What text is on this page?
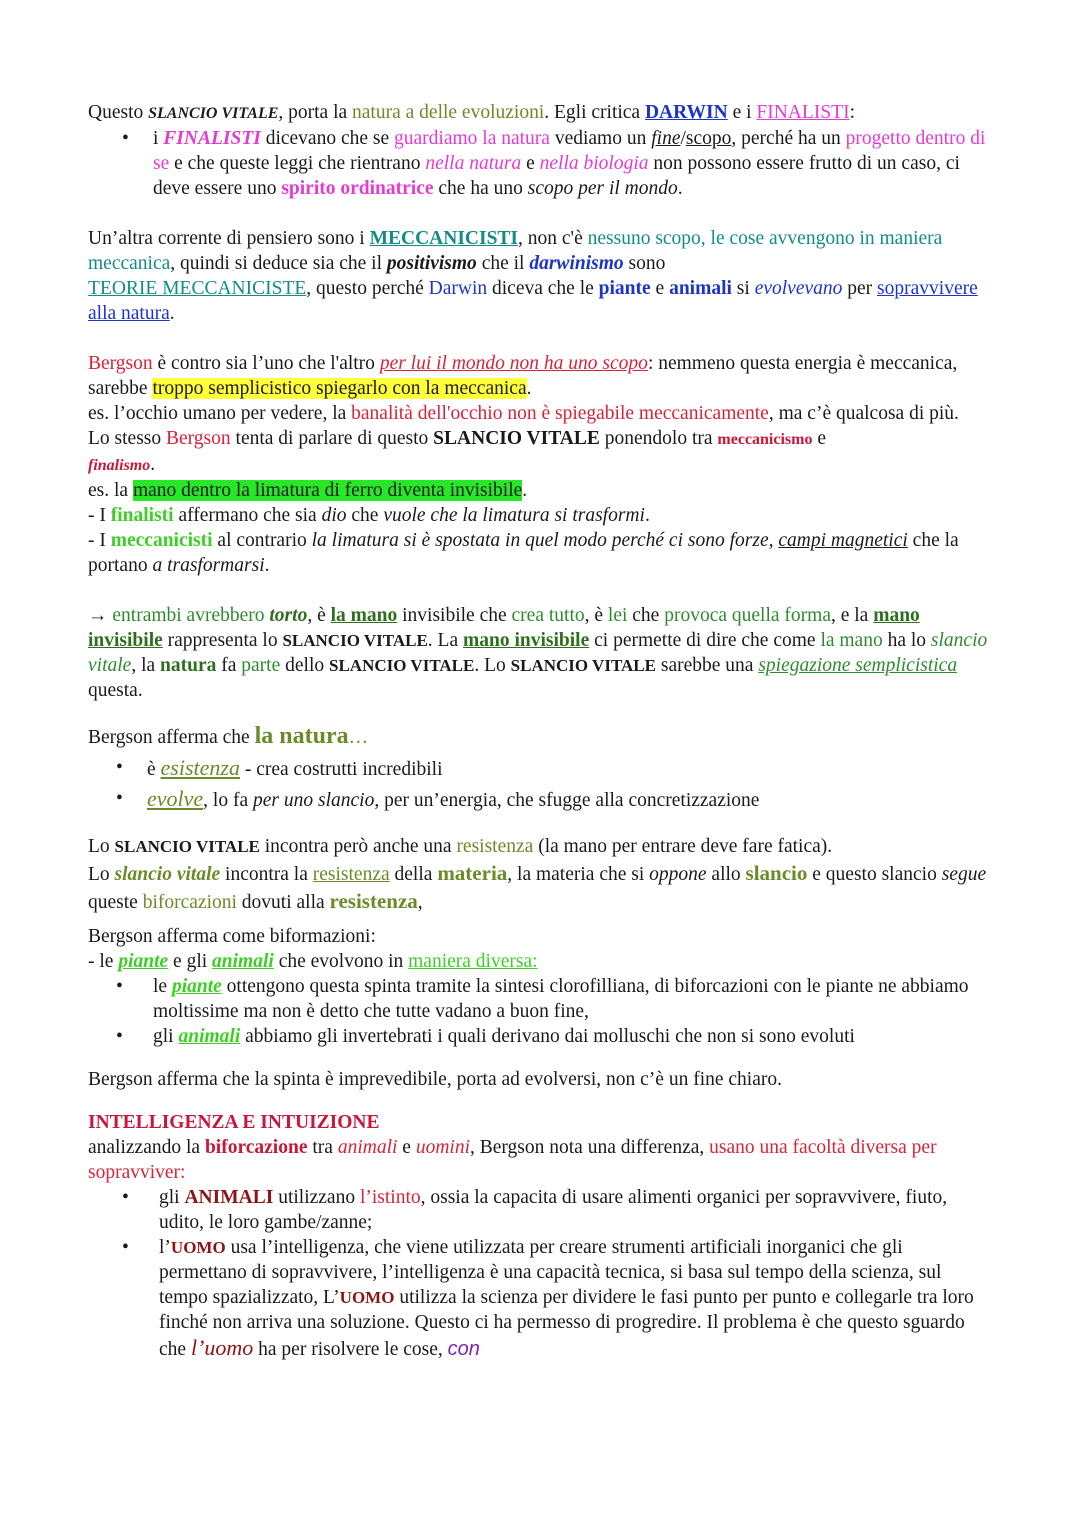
Questo SLANCIO VITALE, porta la natura a delle evoluzioni. Egli critica DARWIN e i FINALISTI:

• i FINALISTI dicevano che se guardiamo la natura vediamo un fine/scopo, perché ha un progetto dentro di se e che queste leggi che rientrano nella natura e nella biologia non possono essere frutto di un caso, ci deve essere uno spirito ordinatrice che ha uno scopo per il mondo.

Un’altra corrente di pensiero sono i MECCANICISTI, non c'è nessuno scopo, le cose avvengono in maniera meccanica, quindi si deduce sia che il positivismo che il darwinismo sono
TEORIE MECCANICISTE, questo perché Darwin diceva che le piante e animali si evolvevano per sopravvivere alla natura.

Bergson è contro sia l’uno che l'altro per lui il mondo non ha uno scopo: nemmeno questa energia è meccanica, sarebbe troppo semplicistico spiegarlo con la meccanica.

es. l’occhio umano per vedere, la banalità dell'occhio non è spiegabile meccanicamente, ma c’è qualcosa di più.

Lo stesso Bergson tenta di parlare di questo SLANCIO VITALE ponendolo tra meccanicismo e
finalismo.

es. la mano dentro la limatura di ferro diventa invisibile.

- I finalisti affermano che sia dio che vuole che la limatura si trasformi.

- I meccanicisti al contrario la limatura si è spostata in quel modo perché ci sono forze, campi magnetici che la portano a trasformarsi.

→ entrambi avrebbero torto, è la mano invisibile che crea tutto, è lei che provoca quella forma, e la mano invisibile rappresenta lo SLANCIO VITALE. La mano invisibile ci permette di dire che come la mano ha lo slancio vitale, la natura fa parte dello SLANCIO VITALE. Lo SLANCIO VITALE sarebbe una spiegazione semplicistica questa.

Bergson afferma che la natura…

• è esistenza - crea costrutti incredibili
• evolve, lo fa per uno slancio, per un’energia, che sfugge alla concretizzazione

Lo SLANCIO VITALE incontra però anche una resistenza (la mano per entrare deve fare fatica).

Lo slancio vitale incontra la resistenza della materia, la materia che si oppone allo slancio e questo slancio segue queste biforcazioni dovuti alla resistenza,

Bergson afferma come biformazioni:

- le piante e gli animali che evolvono in maniera diversa:

• le piante ottengono questa spinta tramite la sintesi clorofilliana, di biforcazioni con le piante ne abbiamo moltissime ma non è detto che tutte vadano a buon fine,
• gli animali abbiamo gli invertebrati i quali derivano dai molluschi che non si sono evoluti

Bergson afferma che la spinta è imprevedibile, porta ad evolversi, non c’è un fine chiaro.

INTELLIGENZA E INTUIZIONE

analizzando la biforcazione tra animali e uomini, Bergson nota una differenza, usano una facoltà diversa per sopravviver:

• gli ANIMALI utilizzano l’istinto, ossia la capacita di usare alimenti organici per sopravvivere, fiuto, udito, le loro gambe/zanne;
• l’UOMO usa l’intelligenza, che viene utilizzata per creare strumenti artificiali inorganici che gli permettano di sopravvivere, l’intelligenza è una capacità tecnica, si basa sul tempo della scienza, sul tempo spazializzato, L’UOMO utilizza la scienza per dividere le fasi punto per punto e collegarle tra loro finché non arriva una soluzione. Questo ci ha permesso di progredire. Il problema è che questo sguardo che l’uomo ha per risolvere le cose, con
